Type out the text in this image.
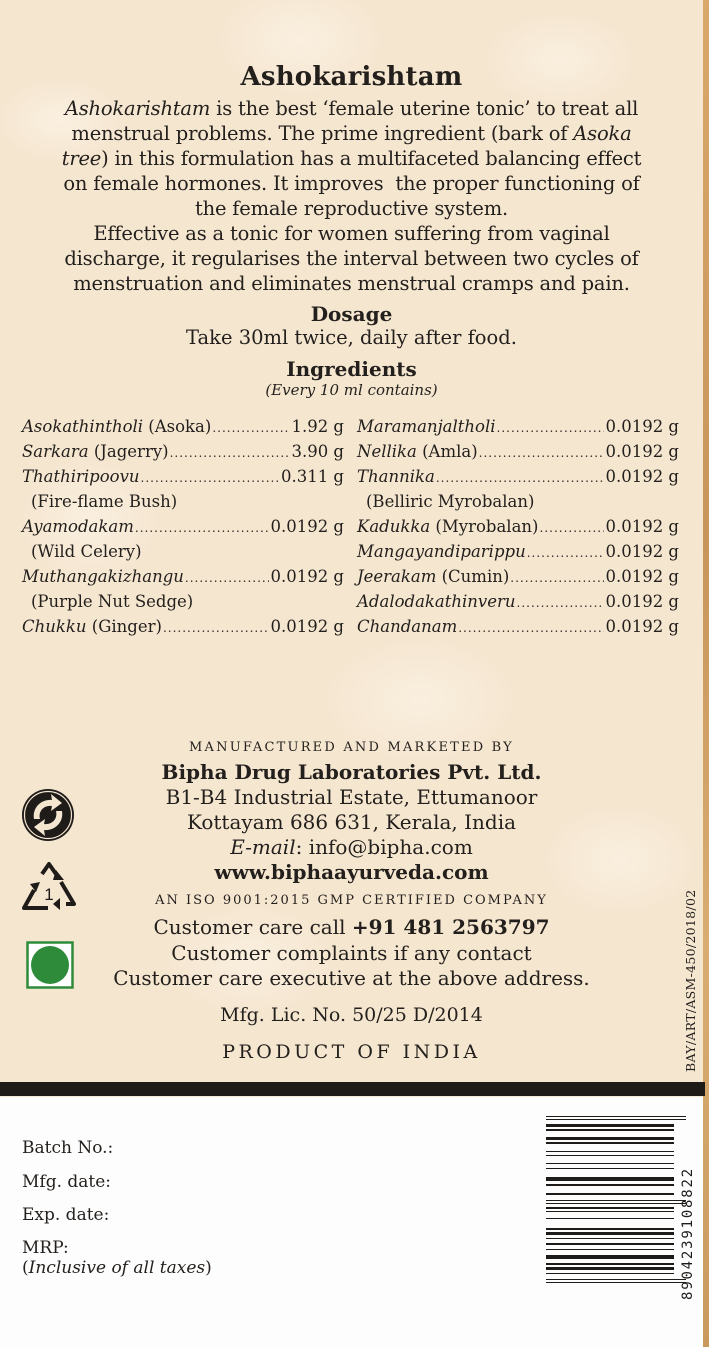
Ashokarishtam
Ashokarishtam is the best ‘female uterine tonic’ to treat all
menstrual problems. The prime ingredient (bark of Asoka
tree) in this formulation has a multifaceted balancing effect
on female hormones. It improves  the proper functioning of
the female reproductive system.
Effective as a tonic for women suffering from vaginal
discharge, it regularises the interval between two cycles of
menstruation and eliminates menstrual cramps and pain.
Dosage
Take 30ml twice, daily after food.
Ingredients
(Every 10 ml contains)
Asokathintholi (Asoka) .....	1.92 g
Sarkara (Jagerry) .....	3.90 g
Thathiripoovu .....	0.311 g
(Fire-flame Bush)
Ayamodakam .....	0.0192 g
(Wild Celery)
Muthangakizhangu .....	0.0192 g
(Purple Nut Sedge)
Chukku (Ginger) .....	0.0192 g
Maramanjaltholi .....	0.0192 g
Nellika (Amla) .....	0.0192 g
Thannika .....	0.0192 g
(Belliric Myrobalan)
Kadukka (Myrobalan) .....	0.0192 g
Mangayandiparippu .....	0.0192 g
Jeerakam (Cumin) .....	0.0192 g
Adalodakathinveru .....	0.0192 g
Chandanam .....	0.0192 g
MANUFACTURED AND MARKETED BY
Bipha Drug Laboratories Pvt. Ltd.
B1-B4 Industrial Estate, Ettumanoor
Kottayam 686 631, Kerala, India
E-mail: info@bipha.com
www.biphaayurveda.com
AN ISO 9001:2015 GMP CERTIFIED COMPANY
Customer care call +91 481 2563797
Customer complaints if any contact
Customer care executive at the above address.
Mfg. Lic. No. 50/25 D/2014
PRODUCT OF INDIA
1	BAY/ART/ASM-450/2018/02
Batch No.:
Mfg. date:
Exp. date:
MRP:
(Inclusive of all taxes)	8904239108822
